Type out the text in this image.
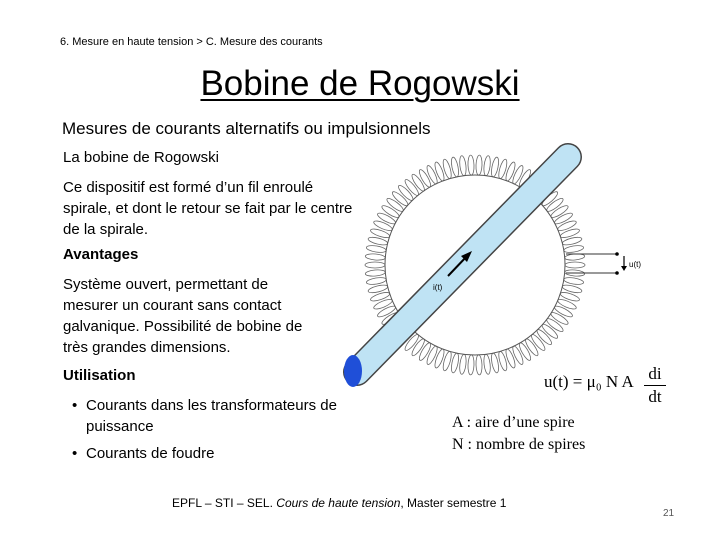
6. Mesure en haute tension > C. Mesure des courants
Bobine de Rogowski
Mesures de courants alternatifs ou impulsionnels
La bobine de Rogowski
Ce dispositif est formé d’un fil enroulé spirale, et dont le retour se fait par le centre de la spirale.
Avantages
Système ouvert, permettant de mesurer un courant sans contact galvanique. Possibilité de bobine de très grandes dimensions.
Utilisation
• Courants dans les transformateurs de puissance
• Courants de foudre
i(t)
u(t)
u(t) = μ₀ N A di
dt
A : aire d’une spire
N : nombre de spires
EPFL – STI – SEL. Cours de haute tension, Master semestre 1
21
